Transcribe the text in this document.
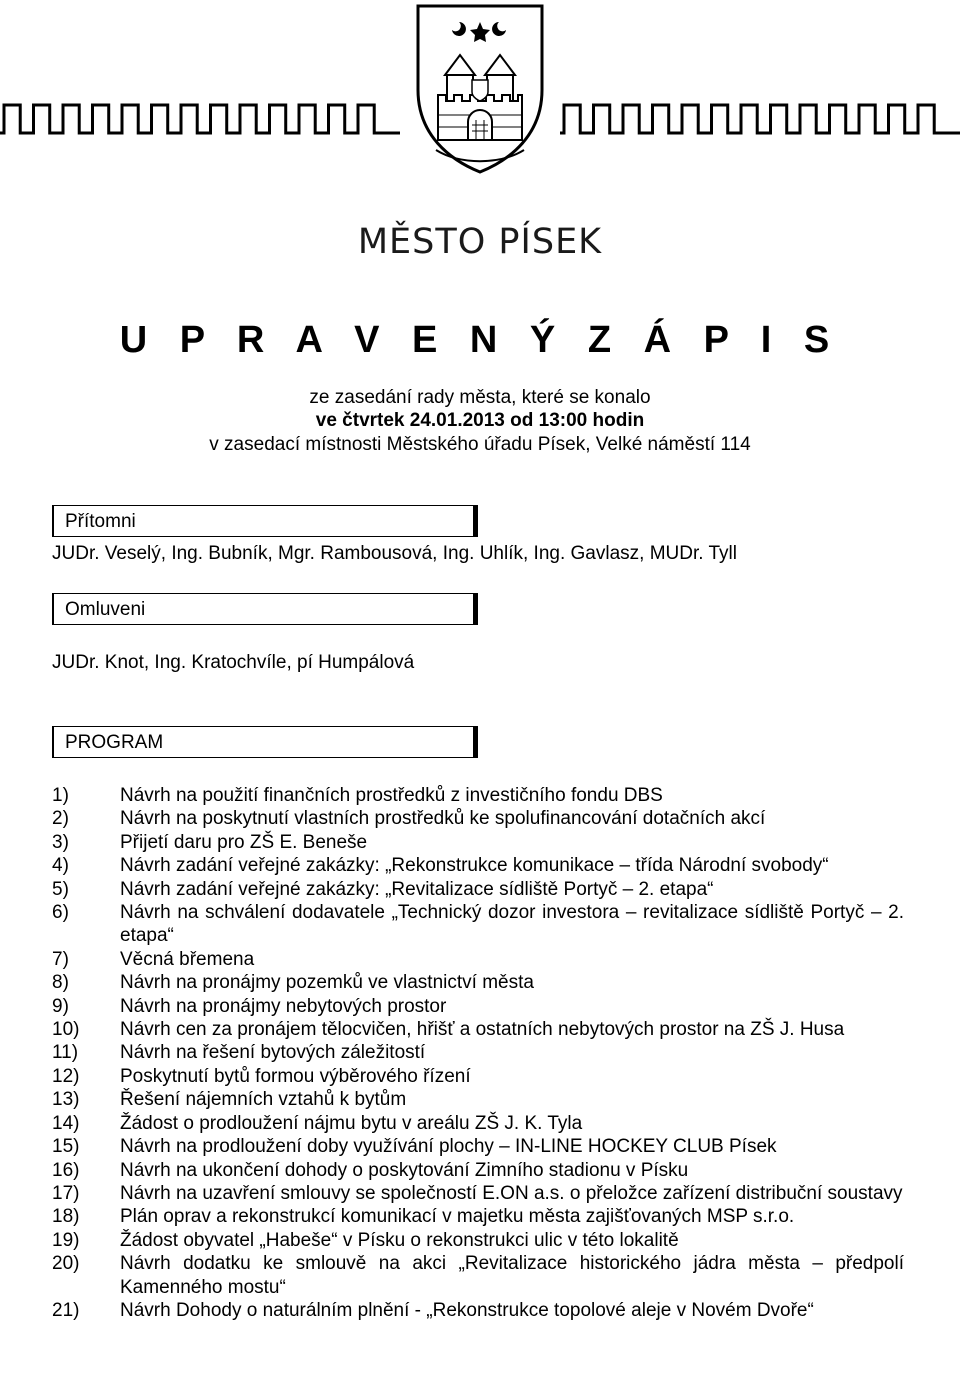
MĚSTO PÍSEK
U P R A V E N Ý Z Á P I S
ze zasedání rady města, které se konalo
ve čtvrtek 24.01.2013 od 13:00 hodin
v zasedací místnosti Městského úřadu Písek, Velké náměstí 114
Přítomni
JUDr. Veselý, Ing. Bubník, Mgr. Rambousová, Ing. Uhlík, Ing. Gavlasz, MUDr. Tyll
Omluveni
JUDr. Knot, Ing. Kratochvíle, pí Humpálová
PROGRAM
1)	Návrh na použití finančních prostředků z investičního fondu DBS
2)	Návrh na poskytnutí vlastních prostředků ke spolufinancování dotačních akcí
3)	Přijetí daru pro ZŠ E. Beneše
4)	Návrh zadání veřejné zakázky: „Rekonstrukce komunikace – třída Národní svobody“
5)	Návrh zadání veřejné zakázky: „Revitalizace sídliště Portyč – 2. etapa“
6)	Návrh na schválení dodavatele „Technický dozor investora – revitalizace sídliště Portyč – 2. etapa“
7)	Věcná břemena
8)	Návrh na pronájmy pozemků ve vlastnictví města
9)	Návrh na pronájmy nebytových prostor
10)	Návrh cen za pronájem tělocvičen, hřišť a ostatních nebytových prostor na ZŠ J. Husa
11)	Návrh na řešení bytových záležitostí
12)	Poskytnutí bytů formou výběrového řízení
13)	Řešení nájemních vztahů k bytům
14)	Žádost o prodloužení nájmu bytu v areálu ZŠ J. K. Tyla
15)	Návrh na prodloužení doby využívání plochy – IN-LINE HOCKEY CLUB Písek
16)	Návrh na ukončení dohody o poskytování Zimního stadionu v Písku
17)	Návrh na uzavření smlouvy se společností E.ON a.s. o přeložce zařízení distribuční soustavy
18)	Plán oprav a rekonstrukcí komunikací v majetku města zajišťovaných MSP s.r.o.
19)	Žádost obyvatel „Habeše“ v Písku o rekonstrukci ulic v této lokalitě
20)	Návrh dodatku ke smlouvě na akci „Revitalizace historického jádra města – předpolí Kamenného mostu“
21)	Návrh Dohody o naturálním plnění - „Rekonstrukce topolové aleje v Novém Dvoře“
